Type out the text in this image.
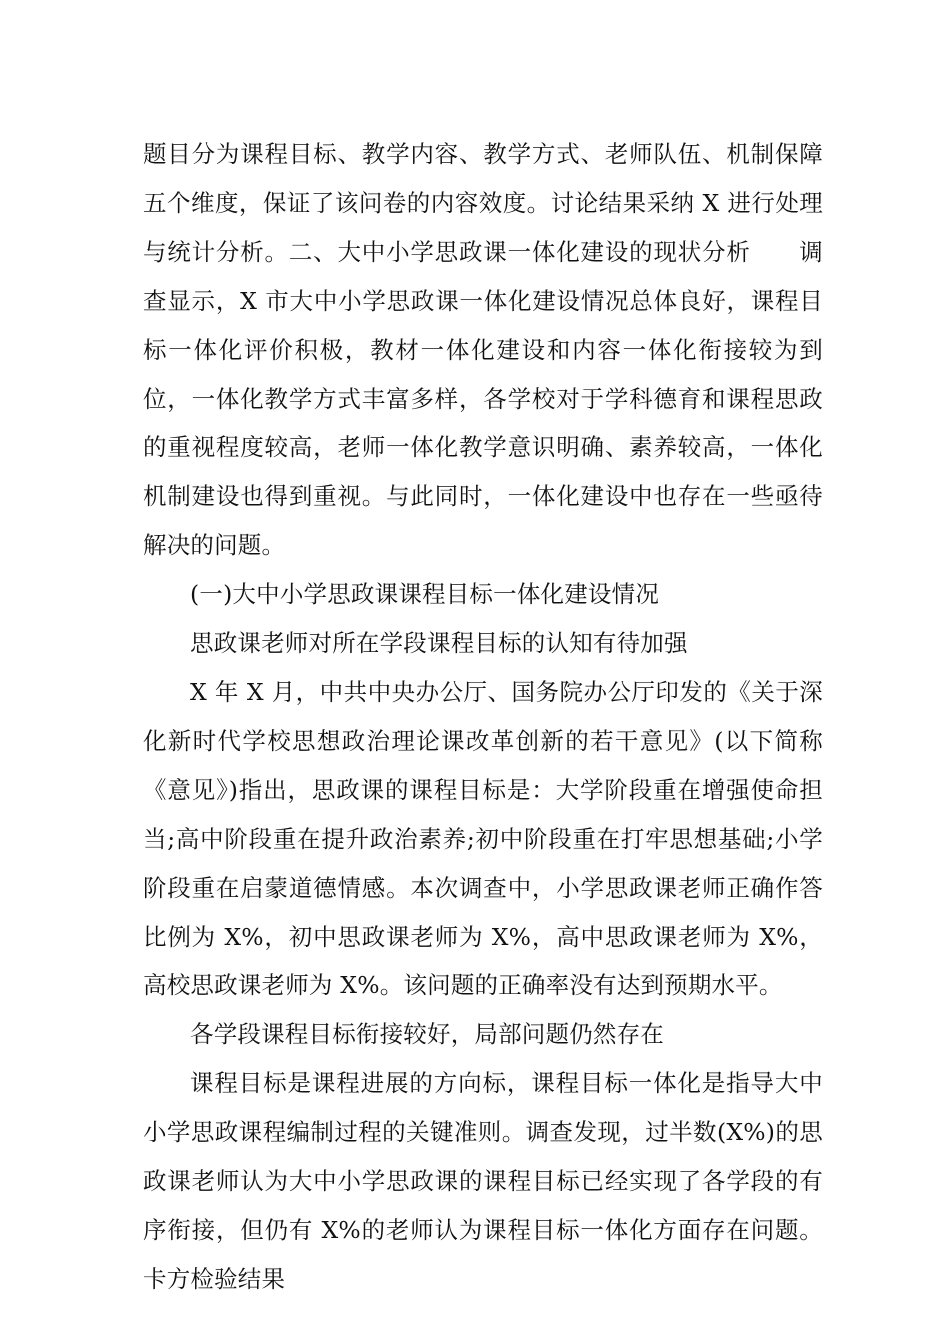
题目分为课程目标、教学内容、教学方式、老师队伍、机制保障五个维度，保证了该问卷的内容效度。讨论结果采纳 X 进行处理与统计分析。二、大中小学思政课一体化建设的现状分析　　调查显示，X 市大中小学思政课一体化建设情况总体良好，课程目标一体化评价积极，教材一体化建设和内容一体化衔接较为到位，一体化教学方式丰富多样，各学校对于学科德育和课程思政的重视程度较高，老师一体化教学意识明确、素养较高，一体化机制建设也得到重视。与此同时，一体化建设中也存在一些亟待解决的问题。

(一)大中小学思政课课程目标一体化建设情况

思政课老师对所在学段课程目标的认知有待加强

X 年 X 月，中共中央办公厅、国务院办公厅印发的《关于深化新时代学校思想政治理论课改革创新的若干意见》(以下简称《意见》)指出，思政课的课程目标是：大学阶段重在增强使命担当;高中阶段重在提升政治素养;初中阶段重在打牢思想基础;小学阶段重在启蒙道德情感。本次调查中，小学思政课老师正确作答比例为 X%，初中思政课老师为 X%，高中思政课老师为 X%，高校思政课老师为 X%。该问题的正确率没有达到预期水平。

各学段课程目标衔接较好，局部问题仍然存在

课程目标是课程进展的方向标，课程目标一体化是指导大中小学思政课程编制过程的关键准则。调查发现，过半数(X%)的思政课老师认为大中小学思政课的课程目标已经实现了各学段的有序衔接，但仍有 X%的老师认为课程目标一体化方面存在问题。卡方检验结果
